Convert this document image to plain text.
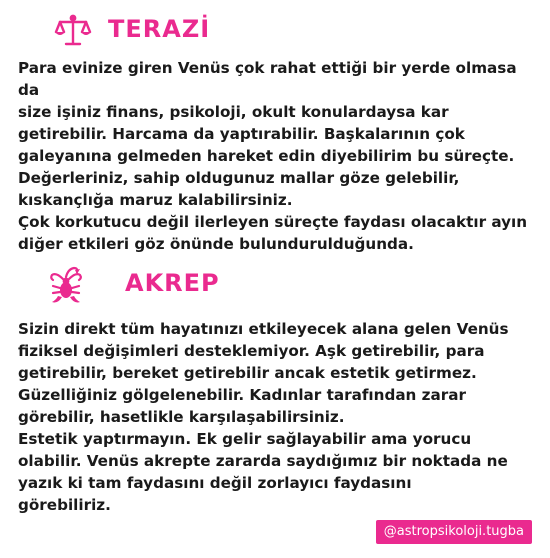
TERAZİ

Para evinize giren Venüs çok rahat ettiği bir yerde olmasa da
size işiniz finans, psikoloji, okult konulardaysa kar
getirebilir. Harcama da yaptırabilir. Başkalarının çok
galeyanına gelmeden hareket edin diyebilirim bu süreçte.
Değerleriniz, sahip oldugunuz mallar göze gelebilir,
kıskançlığa maruz kalabilirsiniz.
Çok korkutucu değil ilerleyen süreçte faydası olacaktır ayın
diğer etkileri göz önünde bulundurulduğunda.

AKREP

Sizin direkt tüm hayatınızı etkileyecek alana gelen Venüs
fiziksel değişimleri desteklemiyor. Aşk getirebilir, para
getirebilir, bereket getirebilir ancak estetik getirmez.
Güzelliğiniz gölgelenebilir. Kadınlar tarafından zarar
görebilir, hasetlikle karşılaşabilirsiniz.
Estetik yaptırmayın. Ek gelir sağlayabilir ama yorucu
olabilir. Venüs akrepte zararda saydığımız bir noktada ne
yazık ki tam faydasını değil zorlayıcı faydasını
görebiliriz.

@astropsikoloji.tugba
